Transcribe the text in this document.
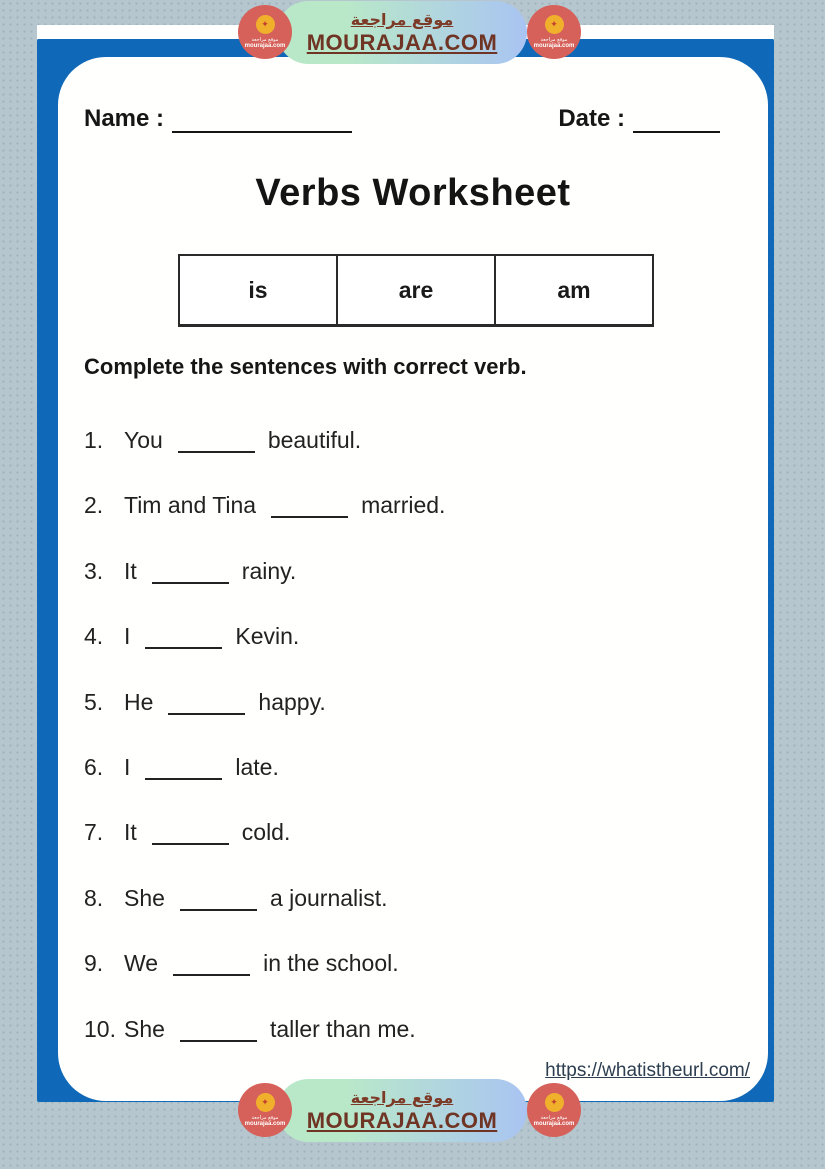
Name :	Date :
Verbs Worksheet
is	are	am
Complete the sentences with correct verb.
1. You	beautiful.
2. Tim and Tina	married.
3. It	rainy.
4. I	Kevin.
5. He	happy.
6. I	late.
7. It	cold.
8. She	a journalist.
9. We	in the school.
10. She	taller than me.
https://whatistheurl.com/
موقع مراجعة
MOURAJAA.COM
✦
موقع مراجعة
mourajaa.com
✦
موقع مراجعة
mourajaa.com
موقع مراجعة
MOURAJAA.COM
✦
موقع مراجعة
mourajaa.com
✦
موقع مراجعة
mourajaa.com
